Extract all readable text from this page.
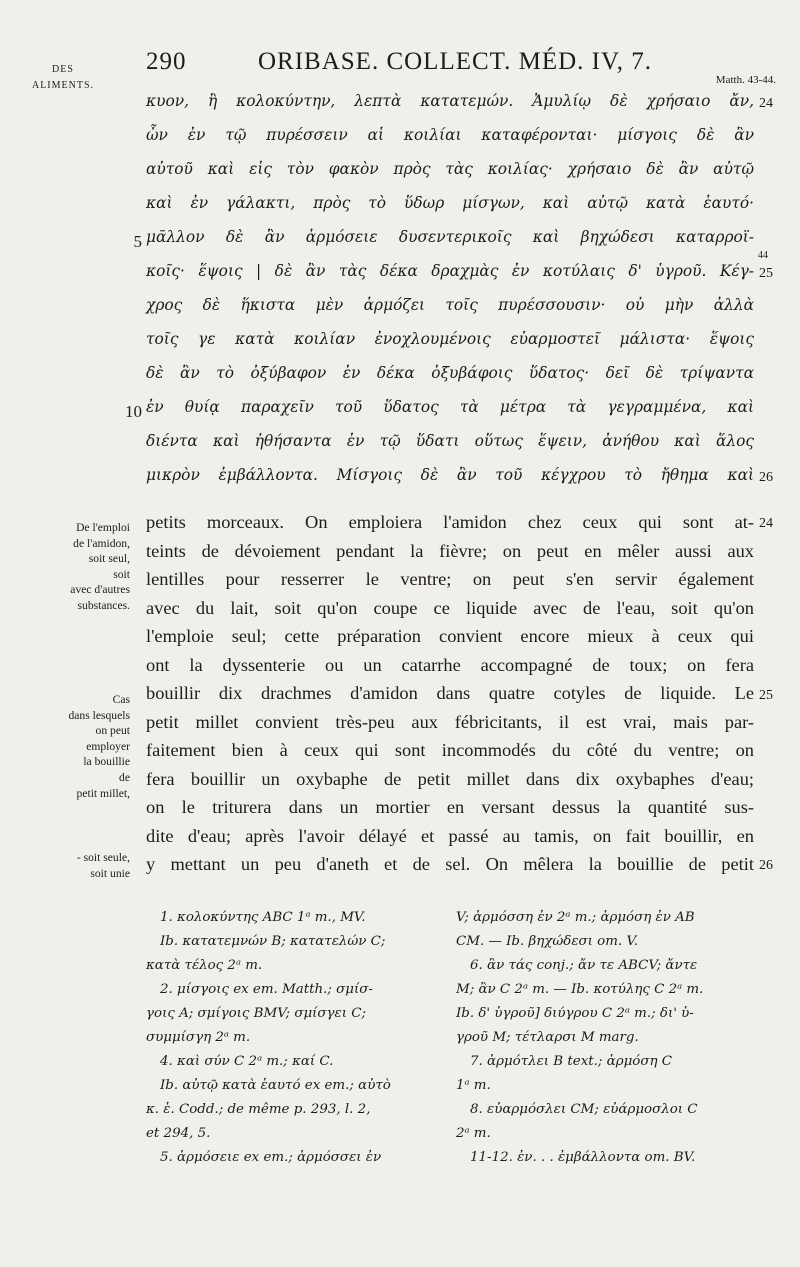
DES
ALIMENTS.
290	ORIBASE. COLLECT. MÉD. IV, 7.
Matth. 43-44.
κυον, ἢ κολοκύντην, λεπτὰ κατατεμών. Ἀμυλίῳ δὲ χρήσαιο ἄν,
ὧν ἐν τῷ πυρέσσειν αἱ κοιλίαι καταφέρονται· μίσγοις δὲ ἂν
αὐτοῦ καὶ εἰς τὸν φακὸν πρὸς τὰς κοιλίας· χρήσαιο δὲ ἂν αὐτῷ
καὶ ἐν γάλακτι, πρὸς τὸ ὕδωρ μίσγων, καὶ αὐτῷ κατὰ ἑαυτό·
μᾶλλον δὲ ἂν ἁρμόσειε δυσεντερικοῖς καὶ βηχώδεσι καταρροϊ-
κοῖς· ἕψοις | δὲ ἂν τὰς δέκα δραχμὰς ἐν κοτύλαις δ' ὑγροῦ. Κέγ-
χρος δὲ ἥκιστα μὲν ἁρμόζει τοῖς πυρέσσουσιν· οὐ μὴν ἀλλὰ
τοῖς γε κατὰ κοιλίαν ἐνοχλουμένοις εὐαρμοστεῖ μάλιστα· ἕψοις
δὲ ἂν τὸ ὀξύβαφον ἐν δέκα ὀξυβάφοις ὕδατος· δεῖ δὲ τρίψαντα
ἐν θυίᾳ παραχεῖν τοῦ ὕδατος τὰ μέτρα τὰ γεγραμμένα, καὶ
διέντα καὶ ἠθήσαντα ἐν τῷ ὕδατι οὕτως ἕψειν, ἀνήθου καὶ ἅλος
μικρὸν ἐμβάλλοντα. Μίσγοις δὲ ἂν τοῦ κέγχρου τὸ ἤθημα καὶ
5
10
24
44
25
26
petits morceaux. On emploiera l'amidon chez ceux qui sont at-
teints de dévoiement pendant la fièvre; on peut en mêler aussi aux
lentilles pour resserrer le ventre; on peut s'en servir également
avec du lait, soit qu'on coupe ce liquide avec de l'eau, soit qu'on
l'emploie seul; cette préparation convient encore mieux à ceux qui
ont la dyssenterie ou un catarrhe accompagné de toux; on fera
bouillir dix drachmes d'amidon dans quatre cotyles de liquide. Le
petit millet convient très-peu aux fébricitants, il est vrai, mais par-
faitement bien à ceux qui sont incommodés du côté du ventre; on
fera bouillir un oxybaphe de petit millet dans dix oxybaphes d'eau;
on le triturera dans un mortier en versant dessus la quantité sus-
dite d'eau; après l'avoir délayé et passé au tamis, on fait bouillir, en
y mettant un peu d'aneth et de sel. On mêlera la bouillie de petit
24
25
26
De l'emploi
de l'amidon,
soit seul,
soit
avec d'autres
substances.
Cas
dans lesquels
on peut
employer
la bouillie
de
petit millet,
- soit seule,
soit unie
1. κολοκύντης ABC 1ᵃ m., MV.
Ib. κατατεμνών B; κατατελών C;
κατὰ τέλος 2ᵃ m.
2. μίσγοις ex em. Matth.; σμίσ-
γοις A; σμίγοις BMV; σμίσγει C;
συμμίσγη 2ᵃ m.
4. καὶ σύν C 2ᵃ m.; καί C.
Ib. αὐτῷ κατὰ ἑαυτό ex em.; αὐτὸ
κ. ἑ. Codd.; de même p. 293, l. 2,
et 294, 5.
5. ἁρμόσειε ex em.; ἁρμόσσει ἐν
V; ἁρμόσση ἐν 2ᵃ m.; ἁρμόση ἐν AB
CM. — Ib. βηχώδεσι om. V.
6. ἂν τάς conj.; ἄν τε ABCV; ἄντε
M; ἂν C 2ᵃ m. — Ib. κοτύλης C 2ᵃ m.
Ib. δ' ὑγροῦ] διύγρου C 2ᵃ m.; δι' ὑ-
γροῦ M; τέτλαρσι M marg.
7. ἁρμότλει B text.; ἁρμόση C
1ᵃ m.
8. εὐαρμόσλει CM; εὐάρμοσλοι C
2ᵃ m.
11-12. ἐν. . . ἐμβάλλοντα om. BV.
